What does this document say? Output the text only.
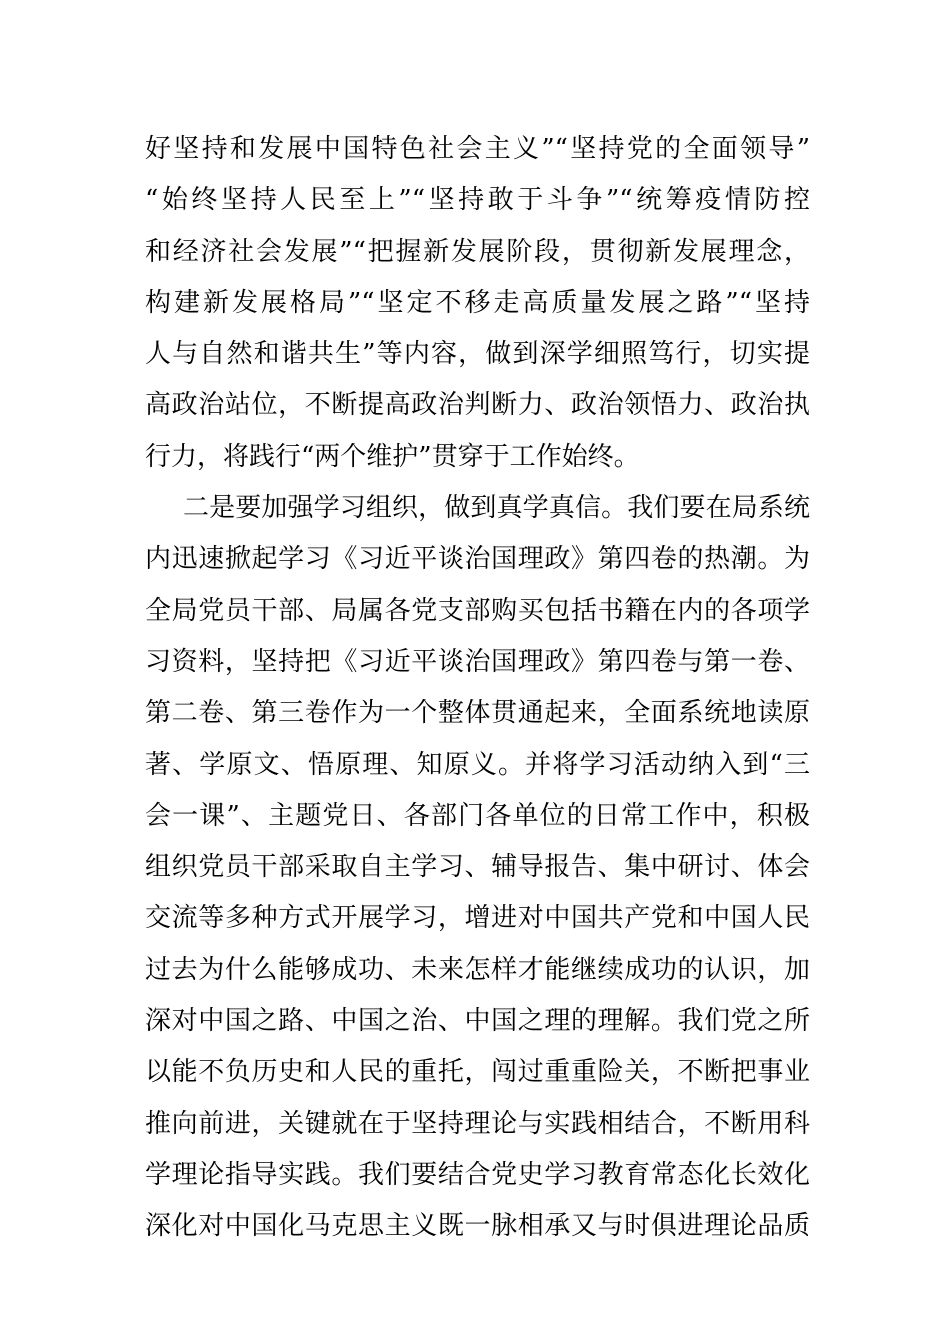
好坚持和发展中国特色社会主义”“坚持党的全面领导”
“始终坚持人民至上”“坚持敢于斗争”“统筹疫情防控
和经济社会发展”“把握新发展阶段，贯彻新发展理念，
构建新发展格局”“坚定不移走高质量发展之路”“坚持
人与自然和谐共生”等内容，做到深学细照笃行，切实提
高政治站位，不断提高政治判断力、政治领悟力、政治执
行力，将践行“两个维护”贯穿于工作始终。
二是要加强学习组织，做到真学真信。我们要在局系统
内迅速掀起学习《习近平谈治国理政》第四卷的热潮。为
全局党员干部、局属各党支部购买包括书籍在内的各项学
习资料，坚持把《习近平谈治国理政》第四卷与第一卷、
第二卷、第三卷作为一个整体贯通起来，全面系统地读原
著、学原文、悟原理、知原义。并将学习活动纳入到“三
会一课”、主题党日、各部门各单位的日常工作中，积极
组织党员干部采取自主学习、辅导报告、集中研讨、体会
交流等多种方式开展学习，增进对中国共产党和中国人民
过去为什么能够成功、未来怎样才能继续成功的认识，加
深对中国之路、中国之治、中国之理的理解。我们党之所
以能不负历史和人民的重托，闯过重重险关，不断把事业
推向前进，关键就在于坚持理论与实践相结合，不断用科
学理论指导实践。我们要结合党史学习教育常态化长效化
深化对中国化马克思主义既一脉相承又与时俱进理论品质
